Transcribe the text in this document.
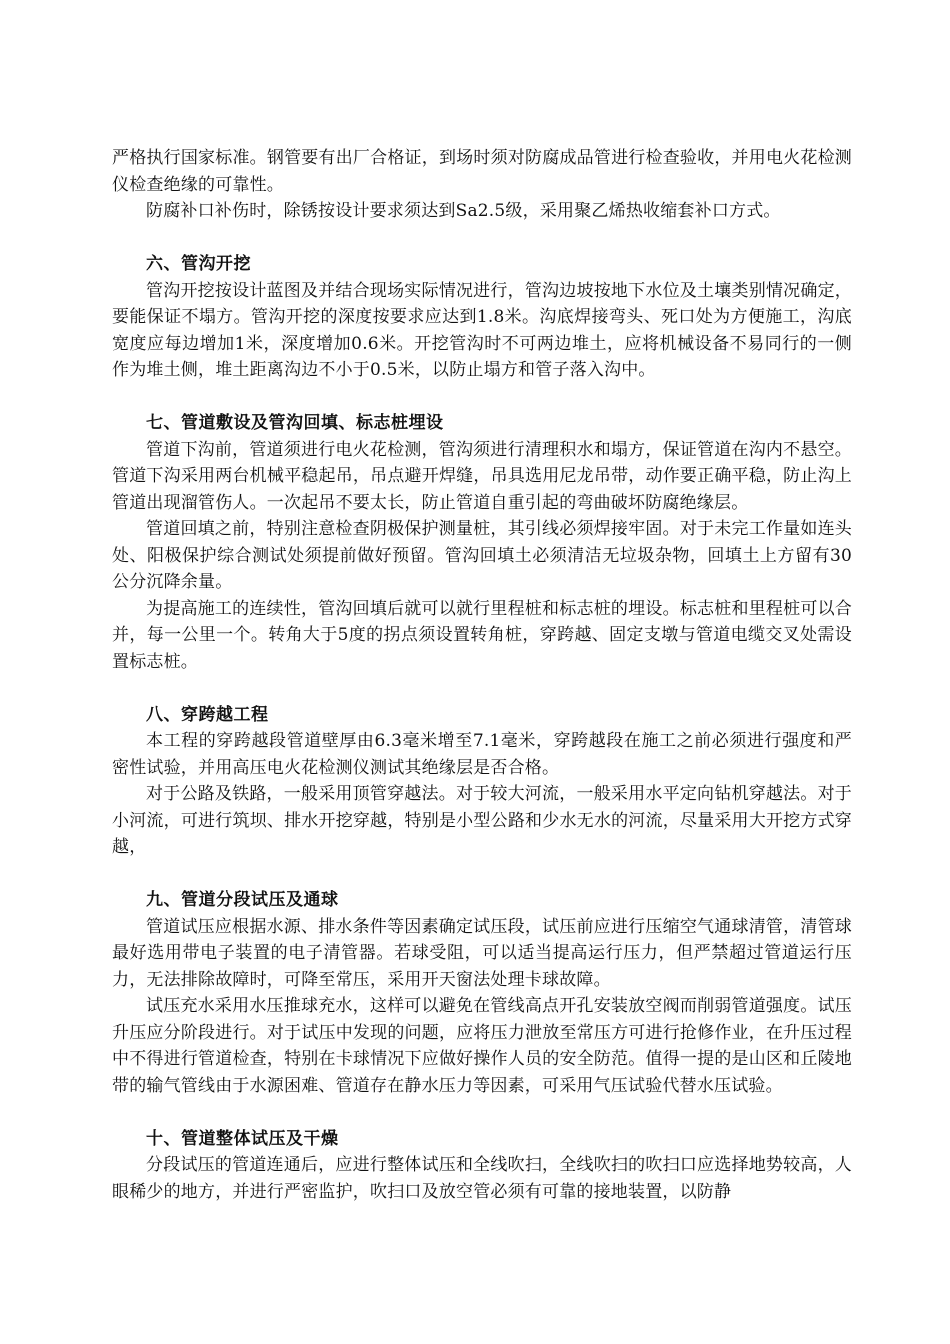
严格执行国家标准。钢管要有出厂合格证，到场时须对防腐成品管进行检查验收，并用电火花检测仪检查绝缘的可靠性。

防腐补口补伤时，除锈按设计要求须达到Sa2.5级，采用聚乙烯热收缩套补口方式。

六、管沟开挖

管沟开挖按设计蓝图及并结合现场实际情况进行，管沟边坡按地下水位及土壤类别情况确定，要能保证不塌方。管沟开挖的深度按要求应达到1.8米。沟底焊接弯头、死口处为方便施工，沟底宽度应每边增加1米，深度增加0.6米。开挖管沟时不可两边堆土，应将机械设备不易同行的一侧作为堆土侧，堆土距离沟边不小于0.5米，以防止塌方和管子落入沟中。

七、管道敷设及管沟回填、标志桩埋设

管道下沟前，管道须进行电火花检测，管沟须进行清理积水和塌方，保证管道在沟内不悬空。管道下沟采用两台机械平稳起吊，吊点避开焊缝，吊具选用尼龙吊带，动作要正确平稳，防止沟上管道出现溜管伤人。一次起吊不要太长，防止管道自重引起的弯曲破坏防腐绝缘层。

管道回填之前，特别注意检查阴极保护测量桩，其引线必须焊接牢固。对于未完工作量如连头处、阳极保护综合测试处须提前做好预留。管沟回填土必须清洁无垃圾杂物，回填土上方留有30公分沉降余量。

为提高施工的连续性，管沟回填后就可以就行里程桩和标志桩的埋设。标志桩和里程桩可以合并，每一公里一个。转角大于5度的拐点须设置转角桩，穿跨越、固定支墩与管道电缆交叉处需设置标志桩。

八、穿跨越工程

本工程的穿跨越段管道壁厚由6.3毫米增至7.1毫米，穿跨越段在施工之前必须进行强度和严密性试验，并用高压电火花检测仪测试其绝缘层是否合格。

对于公路及铁路，一般采用顶管穿越法。对于较大河流，一般采用水平定向钻机穿越法。对于小河流，可进行筑坝、排水开挖穿越，特别是小型公路和少水无水的河流，尽量采用大开挖方式穿越，

九、管道分段试压及通球

管道试压应根据水源、排水条件等因素确定试压段，试压前应进行压缩空气通球清管，清管球最好选用带电子装置的电子清管器。若球受阻，可以适当提高运行压力，但严禁超过管道运行压力，无法排除故障时，可降至常压，采用开天窗法处理卡球故障。

试压充水采用水压推球充水，这样可以避免在管线高点开孔安装放空阀而削弱管道强度。试压升压应分阶段进行。对于试压中发现的问题，应将压力泄放至常压方可进行抢修作业，在升压过程中不得进行管道检查，特别在卡球情况下应做好操作人员的安全防范。值得一提的是山区和丘陵地带的输气管线由于水源困难、管道存在静水压力等因素，可采用气压试验代替水压试验。

十、管道整体试压及干燥

分段试压的管道连通后，应进行整体试压和全线吹扫，全线吹扫的吹扫口应选择地势较高，人眼稀少的地方，并进行严密监护，吹扫口及放空管必须有可靠的接地装置，以防静
